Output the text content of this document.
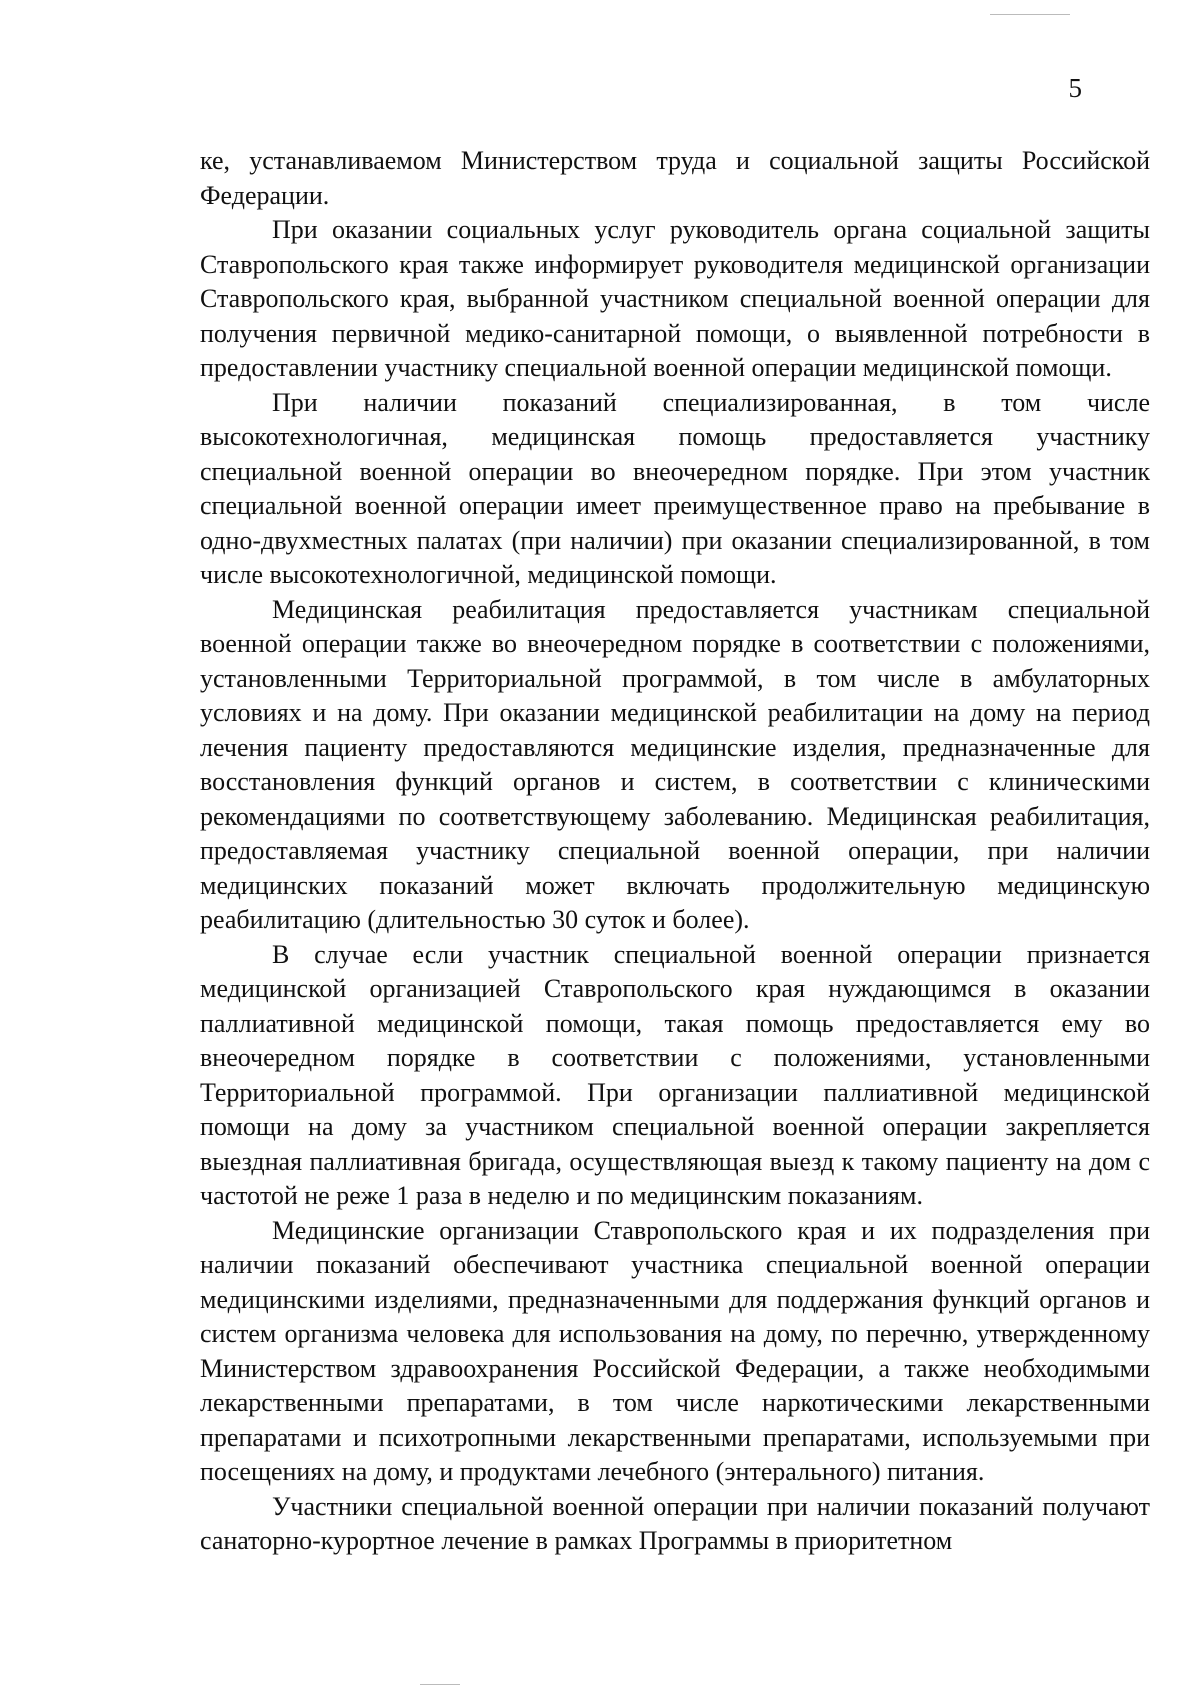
5

ке, устанавливаемом Министерством труда и социальной защиты Российской Федерации.

При оказании социальных услуг руководитель органа социальной защиты Ставропольского края также информирует руководителя медицинской организации Ставропольского края, выбранной участником специальной военной операции для получения первичной медико-санитарной помощи, о выявленной потребности в предоставлении участнику специальной военной операции медицинской помощи.

При наличии показаний специализированная, в том числе высокотехнологичная, медицинская помощь предоставляется участнику специальной военной операции во внеочередном порядке. При этом участник специальной военной операции имеет преимущественное право на пребывание в одно-двухместных палатах (при наличии) при оказании специализированной, в том числе высокотехнологичной, медицинской помощи.

Медицинская реабилитация предоставляется участникам специальной военной операции также во внеочередном порядке в соответствии с положениями, установленными Территориальной программой, в том числе в амбулаторных условиях и на дому. При оказании медицинской реабилитации на дому на период лечения пациенту предоставляются медицинские изделия, предназначенные для восстановления функций органов и систем, в соответствии с клиническими рекомендациями по соответствующему заболеванию. Медицинская реабилитация, предоставляемая участнику специальной военной операции, при наличии медицинских показаний может включать продолжительную медицинскую реабилитацию (длительностью 30 суток и более).

В случае если участник специальной военной операции признается медицинской организацией Ставропольского края нуждающимся в оказании паллиативной медицинской помощи, такая помощь предоставляется ему во внеочередном порядке в соответствии с положениями, установленными Территориальной программой. При организации паллиативной медицинской помощи на дому за участником специальной военной операции закрепляется выездная паллиативная бригада, осуществляющая выезд к такому пациенту на дом с частотой не реже 1 раза в неделю и по медицинским показаниям.

Медицинские организации Ставропольского края и их подразделения при наличии показаний обеспечивают участника специальной военной операции медицинскими изделиями, предназначенными для поддержания функций органов и систем организма человека для использования на дому, по перечню, утвержденному Министерством здравоохранения Российской Федерации, а также необходимыми лекарственными препаратами, в том числе наркотическими лекарственными препаратами и психотропными лекарственными препаратами, используемыми при посещениях на дому, и продуктами лечебного (энтерального) питания.

Участники специальной военной операции при наличии показаний получают санаторно-курортное лечение в рамках Программы в приоритетном
